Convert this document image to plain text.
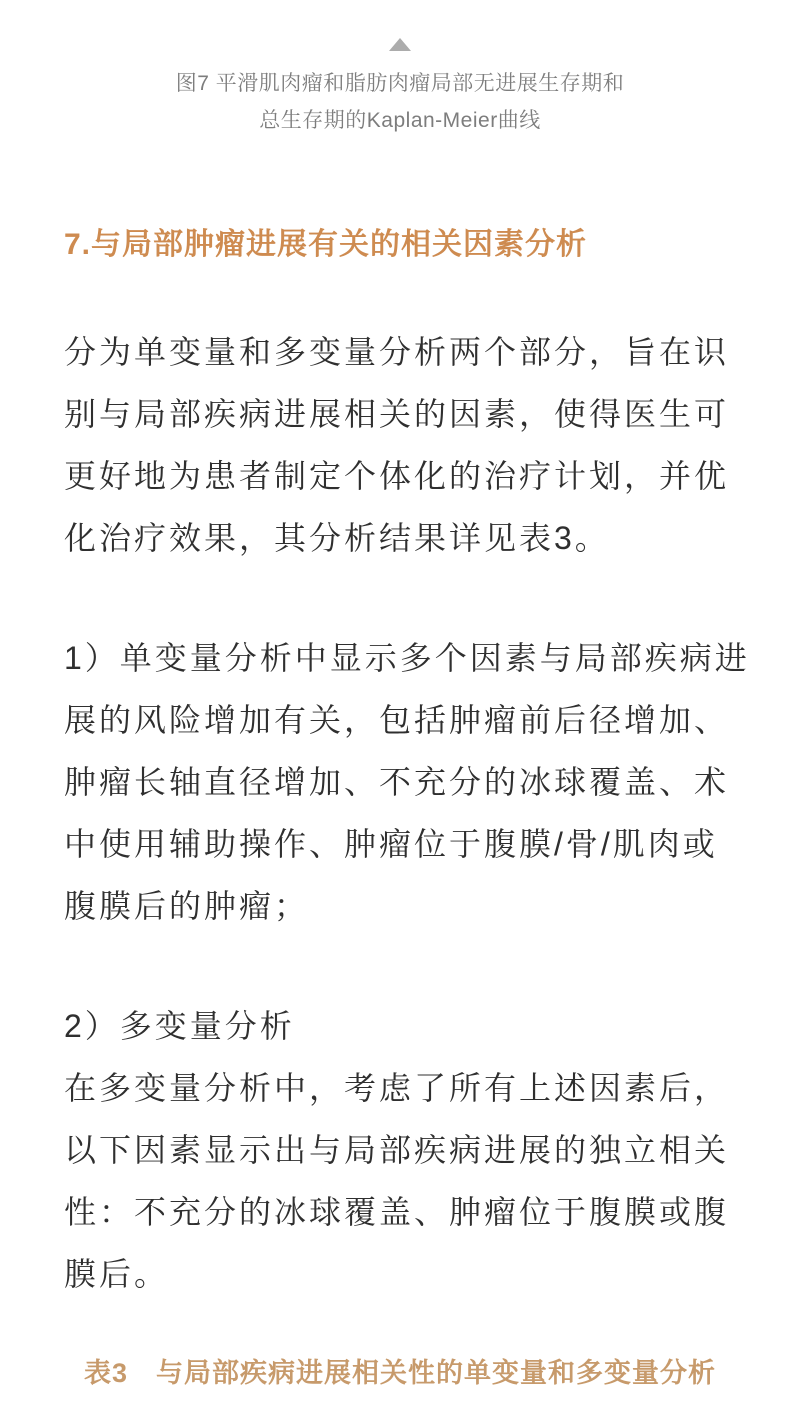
图7 平滑肌肉瘤和脂肪肉瘤局部无进展生存期和
总生存期的Kaplan-Meier曲线
7.与局部肿瘤进展有关的相关因素分析
分为单变量和多变量分析两个部分，旨在识
别与局部疾病进展相关的因素，使得医生可
更好地为患者制定个体化的治疗计划，并优
化治疗效果，其分析结果详见表3。
1）单变量分析中显示多个因素与局部疾病进
展的风险增加有关，包括肿瘤前后径增加、
肿瘤长轴直径增加、不充分的冰球覆盖、术
中使用辅助操作、肿瘤位于腹膜/骨/肌肉或
腹膜后的肿瘤；
2）多变量分析
在多变量分析中，考虑了所有上述因素后，
以下因素显示出与局部疾病进展的独立相关
性：不充分的冰球覆盖、肿瘤位于腹膜或腹
膜后。
表3　与局部疾病进展相关性的单变量和多变量分析
